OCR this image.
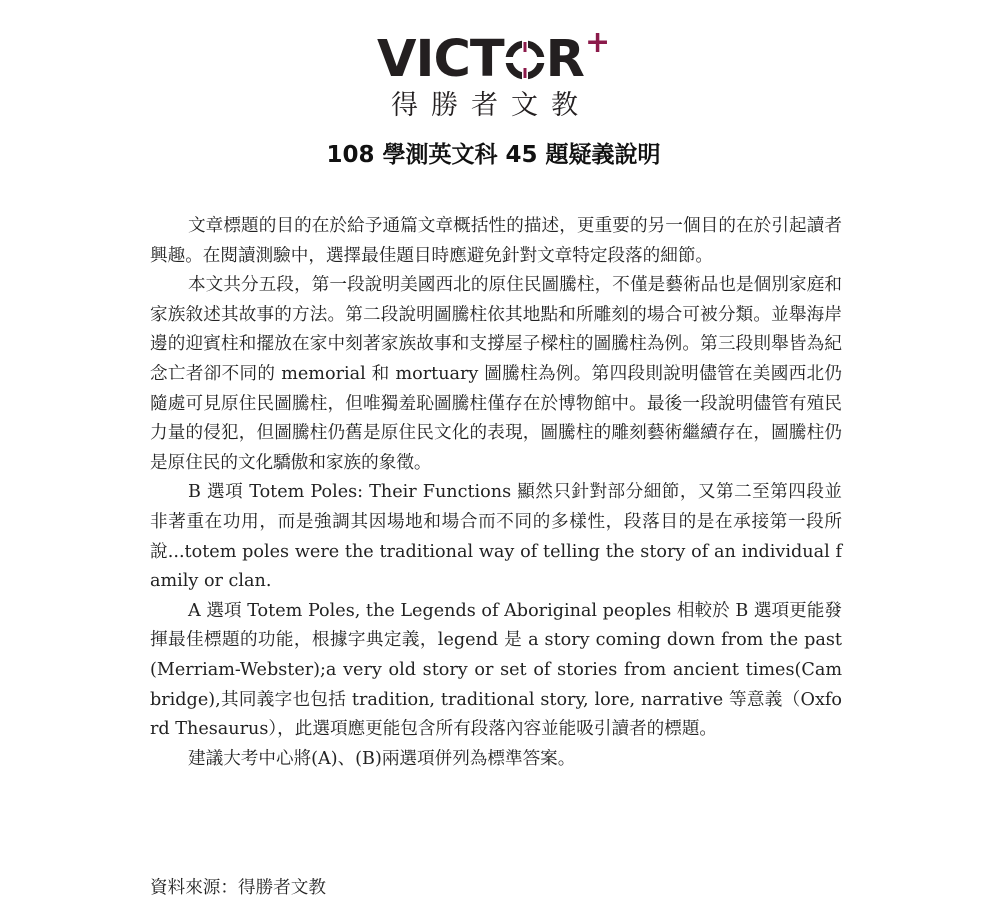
VICT R +
得勝者文教
108 學測英文科 45 題疑義說明

文章標題的目的在於給予通篇文章概括性的描述，更重要的另一個目的在於引起讀者興趣。在閱讀測驗中，選擇最佳題目時應避免針對文章特定段落的細節。

本文共分五段，第一段說明美國西北的原住民圖騰柱，不僅是藝術品也是個別家庭和家族敘述其故事的方法。第二段說明圖騰柱依其地點和所雕刻的場合可被分類。並舉海岸邊的迎賓柱和擺放在家中刻著家族故事和支撐屋子樑柱的圖騰柱為例。第三段則舉皆為紀念亡者卻不同的 memorial 和 mortuary 圖騰柱為例。第四段則說明儘管在美國西北仍隨處可見原住民圖騰柱，但唯獨羞恥圖騰柱僅存在於博物館中。最後一段說明儘管有殖民力量的侵犯，但圖騰柱仍舊是原住民文化的表現，圖騰柱的雕刻藝術繼續存在，圖騰柱仍是原住民的文化驕傲和家族的象徵。

B 選項 Totem Poles: Their Functions 顯然只針對部分細節，又第二至第四段並非著重在功用，而是強調其因場地和場合而不同的多樣性，段落目的是在承接第一段所說...totem poles were the traditional way of telling the story of an individual family or clan.

A 選項 Totem Poles, the Legends of Aboriginal peoples 相較於 B 選項更能發揮最佳標題的功能，根據字典定義，legend 是 a story coming down from the past(Merriam-Webster);a very old story or set of stories from ancient times(Cambridge),其同義字也包括 tradition, traditional story, lore, narrative 等意義（Oxford Thesaurus），此選項應更能包含所有段落內容並能吸引讀者的標題。

建議大考中心將(A)、(B)兩選項併列為標準答案。

資料來源：得勝者文教
